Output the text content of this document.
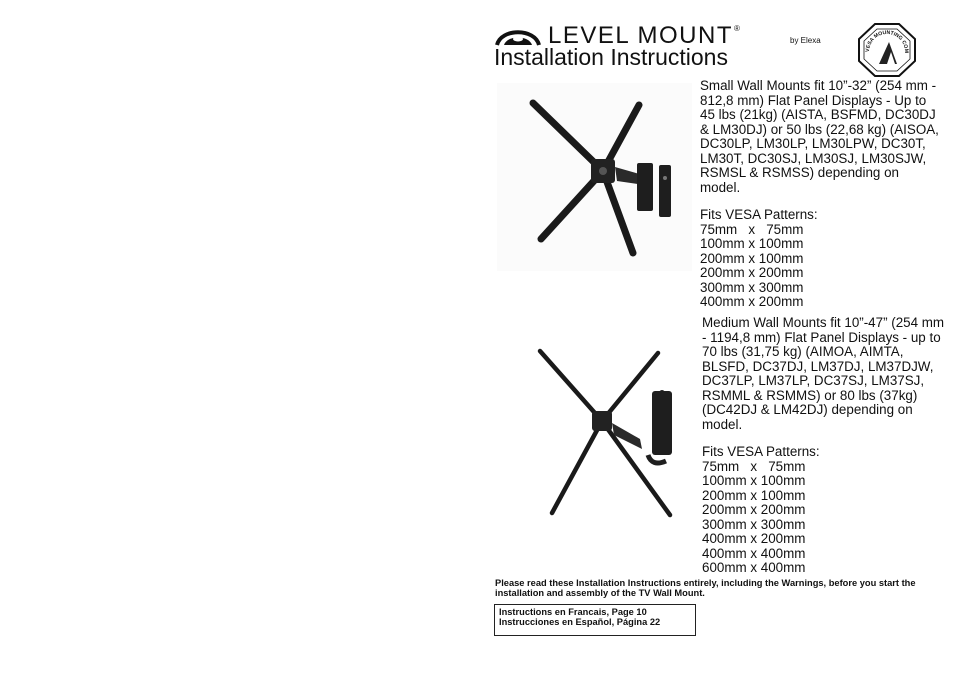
LEVEL MOUNT®
by Elexa
VESA MOUNTING COM
Installation Instructions

Small Wall Mounts fit 10”-32” (254 mm - 812,8 mm) Flat Panel Displays - Up to 45 lbs (21kg) (AISTA, BSFMD, DC30DJ & LM30DJ) or 50 lbs (22,68 kg) (AISOA, DC30LP, LM30LP, LM30LPW, DC30T, LM30T, DC30SJ, LM30SJ, LM30SJW, RSMSL & RSMSS) depending on model.

Fits VESA Patterns:

75mm   x   75mm

100mm x 100mm

200mm x 100mm

200mm x 200mm

300mm x 300mm

400mm x 200mm

Medium Wall Mounts fit 10”-47” (254 mm - 1194,8 mm) Flat Panel Displays - up to 70 lbs (31,75 kg) (AIMOA, AIMTA, BLSFD, DC37DJ, LM37DJ, LM37DJW, DC37LP, LM37LP, DC37SJ, LM37SJ, RSMML & RSMMS) or 80 lbs (37kg) (DC42DJ & LM42DJ) depending on model.

Fits VESA Patterns:

75mm   x   75mm

100mm x 100mm

200mm x 100mm

200mm x 200mm

300mm x 300mm

400mm x 200mm

400mm x 400mm

600mm x 400mm

Please read these Installation Instructions entirely, including the Warnings, before you start the installation and assembly of the TV Wall Mount.
Instructions en Francais, Page 10
Instrucciones en Español, Página 22
